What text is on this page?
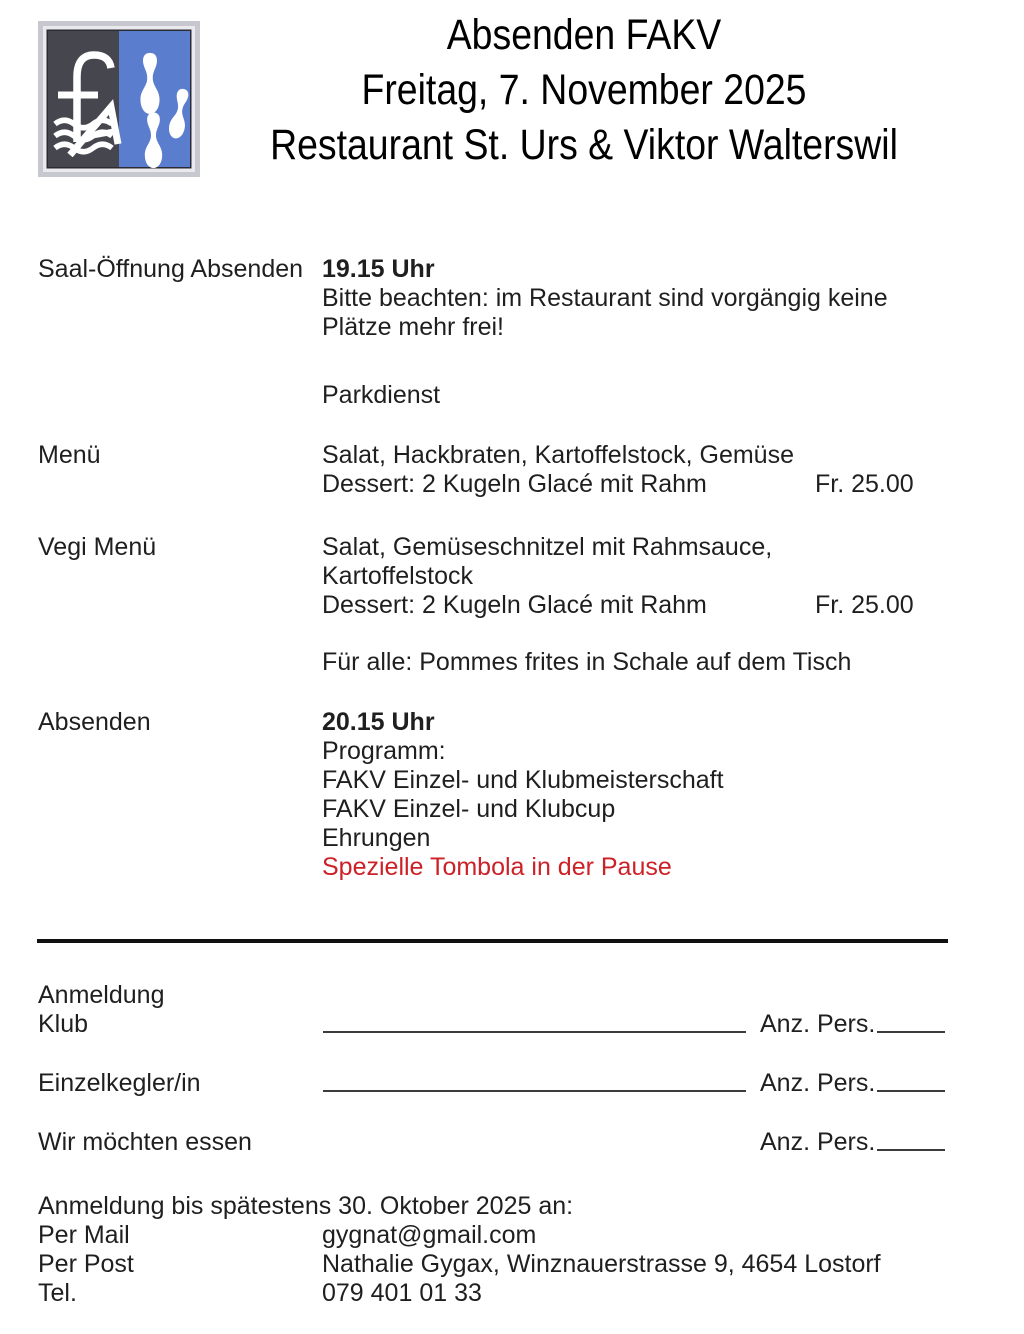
Absenden FAKV
Freitag, 7. November 2025
Restaurant St. Urs & Viktor Walterswil
Saal-Öffnung Absenden 19.15 Uhr
Bitte beachten: im Restaurant sind vorgängig keine Plätze mehr frei!
Parkdienst
Menü	Salat, Hackbraten, Kartoffelstock, Gemüse
Dessert: 2 Kugeln Glacé mit Rahm	Fr. 25.00
Vegi Menü	Salat, Gemüseschnitzel mit Rahmsauce,
Kartoffelstock
Dessert: 2 Kugeln Glacé mit Rahm	Fr. 25.00
Für alle: Pommes frites in Schale auf dem Tisch
Absenden	20.15 Uhr
Programm:
FAKV Einzel- und Klubmeisterschaft
FAKV Einzel- und Klubcup
Ehrungen
Spezielle Tombola in der Pause
Anmeldung
Klub	Anz. Pers.
Einzelkegler/in	Anz. Pers.
Wir möchten essen	Anz. Pers.
Anmeldung bis spätestens 30. Oktober 2025 an:
Per Mail	gygnat@gmail.com
Per Post	Nathalie Gygax, Winznauerstrasse 9, 4654 Lostorf
Tel.	079 401 01 33
